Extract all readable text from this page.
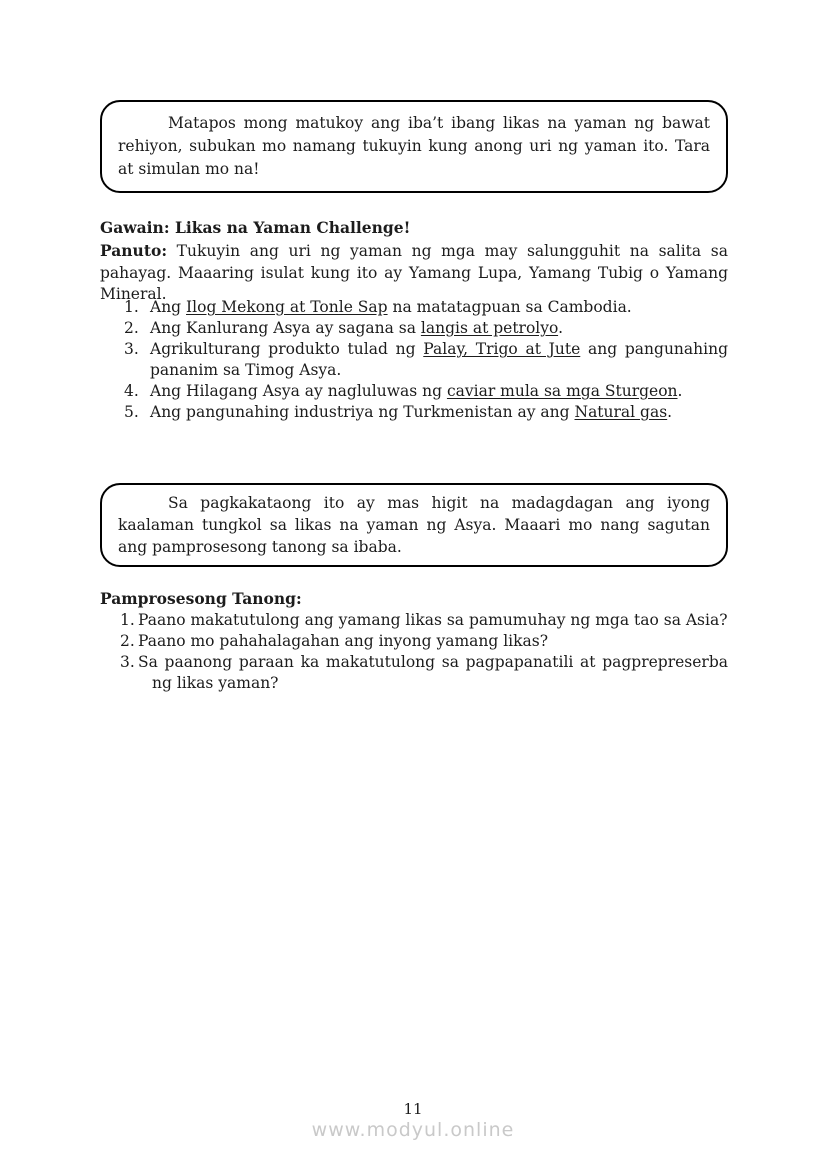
Matapos mong matukoy ang iba’t ibang likas na yaman ng bawat rehiyon, subukan mo namang tukuyin kung anong uri ng yaman ito. Tara at simulan mo na!

Gawain: Likas na Yaman Challenge!

Panuto: Tukuyin ang uri ng yaman ng mga may salungguhit na salita sa pahayag. Maaaring isulat kung ito ay Yamang Lupa, Yamang Tubig o Yamang Mineral.

1. Ang Ilog Mekong at Tonle Sap na matatagpuan sa Cambodia.
2. Ang Kanlurang Asya ay sagana sa langis at petrolyo.
3. Agrikulturang produkto tulad ng Palay, Trigo at Jute ang pangunahing pananim sa Timog Asya.
4. Ang Hilagang Asya ay nagluluwas ng caviar mula sa mga Sturgeon.
5. Ang pangunahing industriya ng Turkmenistan ay ang Natural gas.

Sa pagkakataong ito ay mas higit na madagdagan ang iyong kaalaman tungkol sa likas na yaman ng Asya. Maaari mo nang sagutan ang pamprosesong tanong sa ibaba.

Pamprosesong Tanong:
1. Paano makatutulong ang yamang likas sa pamumuhay ng mga tao sa Asia?
2. Paano mo pahahalagahan ang inyong yamang likas?
3. Sa paanong paraan ka makatutulong sa pagpapanatili at pagprepreserba ng likas yaman?
11
www.modyul.online
